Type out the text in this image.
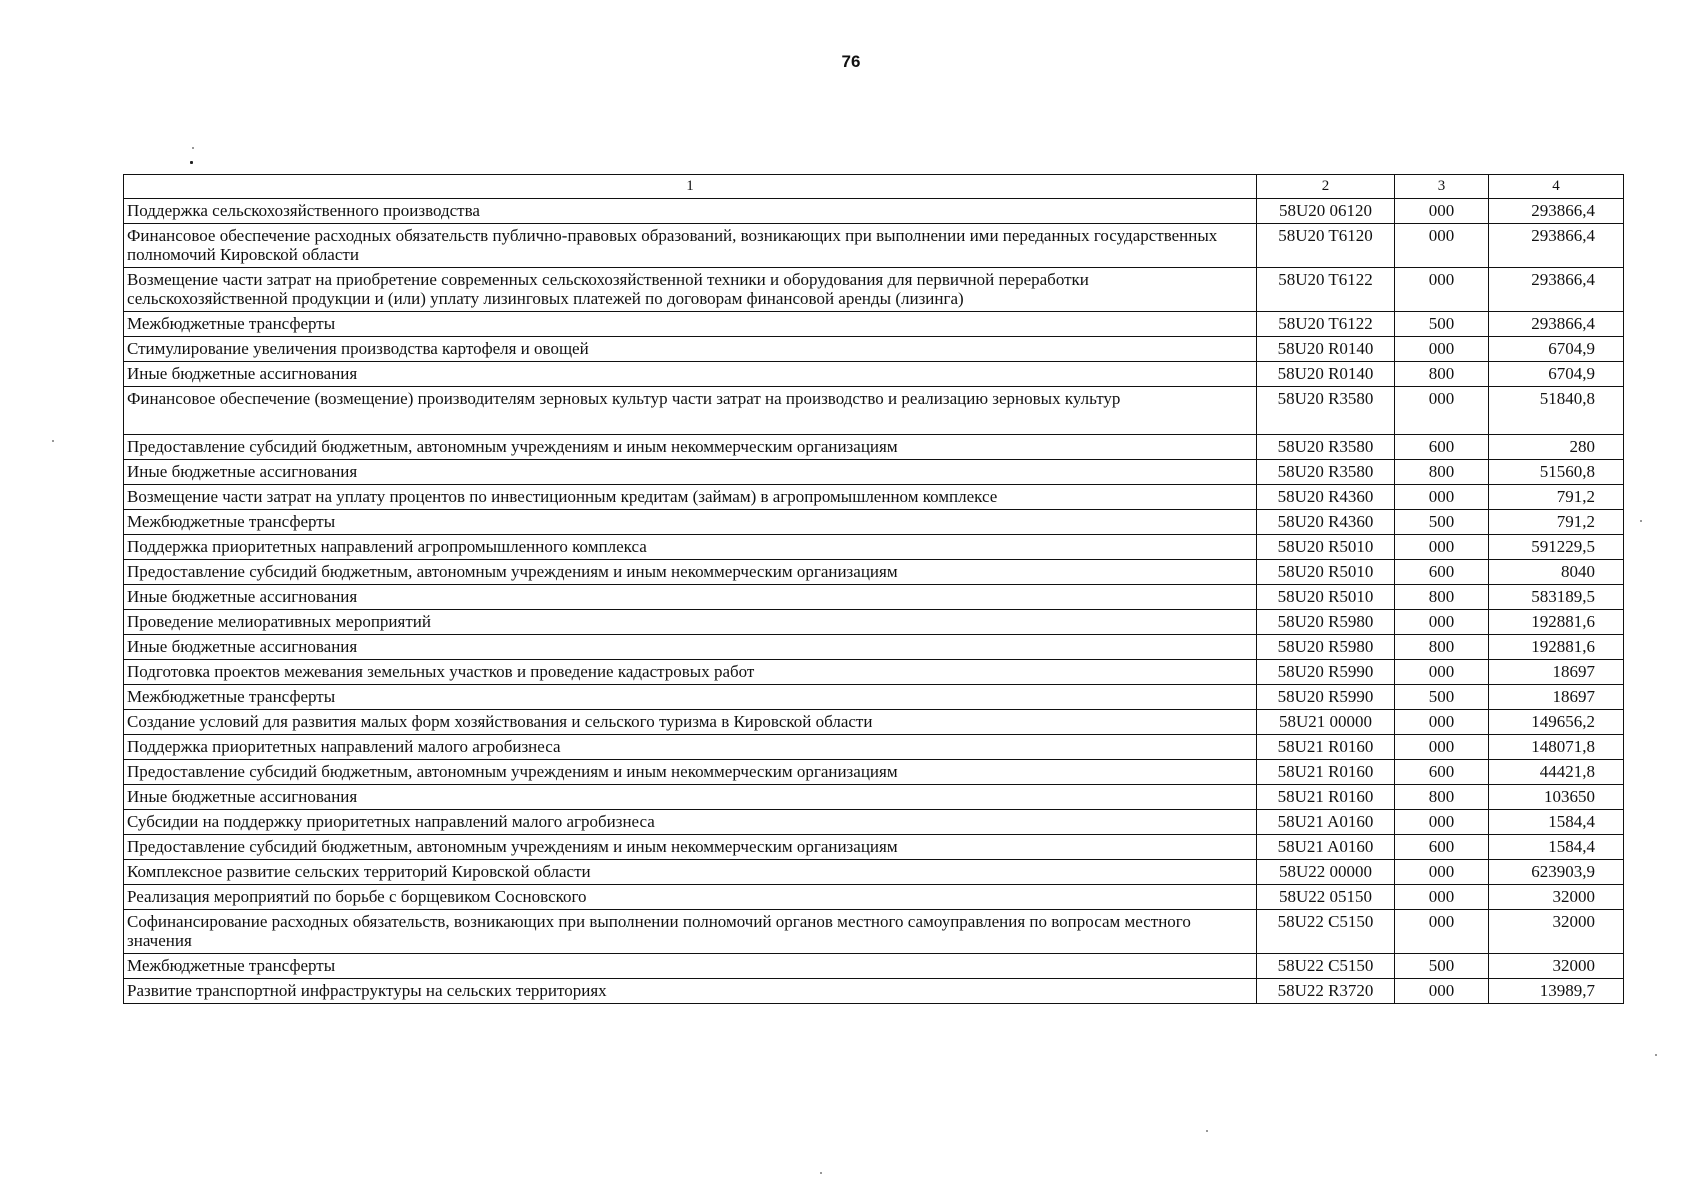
76
1	2	3	4
Поддержка сельскохозяйственного производства	58U20 06120	000	293866,4
Финансовое обеспечение расходных обязательств публично-правовых образований, возникающих при выполнении ими переданных государственных полномочий Кировской области	58U20 T6120	000	293866,4
Возмещение части затрат на приобретение современных сельскохозяйственной техники и оборудования для первичной переработки сельскохозяйственной продукции и (или) уплату лизинговых платежей по договорам финансовой аренды (лизинга)	58U20 T6122	000	293866,4
Межбюджетные трансферты	58U20 T6122	500	293866,4
Стимулирование увеличения производства картофеля и овощей	58U20 R0140	000	6704,9
Иные бюджетные ассигнования	58U20 R0140	800	6704,9
Финансовое обеспечение (возмещение) производителям зерновых культур части затрат на производство и реализацию зерновых культур	58U20 R3580	000	51840,8
Предоставление субсидий бюджетным, автономным учреждениям и иным некоммерческим организациям	58U20 R3580	600	280
Иные бюджетные ассигнования	58U20 R3580	800	51560,8
Возмещение части затрат на уплату процентов по инвестиционным кредитам (займам) в агропромышленном комплексе	58U20 R4360	000	791,2
Межбюджетные трансферты	58U20 R4360	500	791,2
Поддержка приоритетных направлений агропромышленного комплекса	58U20 R5010	000	591229,5
Предоставление субсидий бюджетным, автономным учреждениям и иным некоммерческим организациям	58U20 R5010	600	8040
Иные бюджетные ассигнования	58U20 R5010	800	583189,5
Проведение мелиоративных мероприятий	58U20 R5980	000	192881,6
Иные бюджетные ассигнования	58U20 R5980	800	192881,6
Подготовка проектов межевания земельных участков и проведение кадастровых работ	58U20 R5990	000	18697
Межбюджетные трансферты	58U20 R5990	500	18697
Создание условий для развития малых форм хозяйствования и сельского туризма в Кировской области	58U21 00000	000	149656,2
Поддержка приоритетных направлений малого агробизнеса	58U21 R0160	000	148071,8
Предоставление субсидий бюджетным, автономным учреждениям и иным некоммерческим организациям	58U21 R0160	600	44421,8
Иные бюджетные ассигнования	58U21 R0160	800	103650
Субсидии на поддержку приоритетных направлений малого агробизнеса	58U21 A0160	000	1584,4
Предоставление субсидий бюджетным, автономным учреждениям и иным некоммерческим организациям	58U21 A0160	600	1584,4
Комплексное развитие сельских территорий Кировской области	58U22 00000	000	623903,9
Реализация мероприятий по борьбе с борщевиком Сосновского	58U22 05150	000	32000
Софинансирование расходных обязательств, возникающих при выполнении полномочий органов местного самоуправления по вопросам местного значения	58U22 C5150	000	32000
Межбюджетные трансферты	58U22 C5150	500	32000
Развитие транспортной инфраструктуры на сельских территориях	58U22 R3720	000	13989,7
